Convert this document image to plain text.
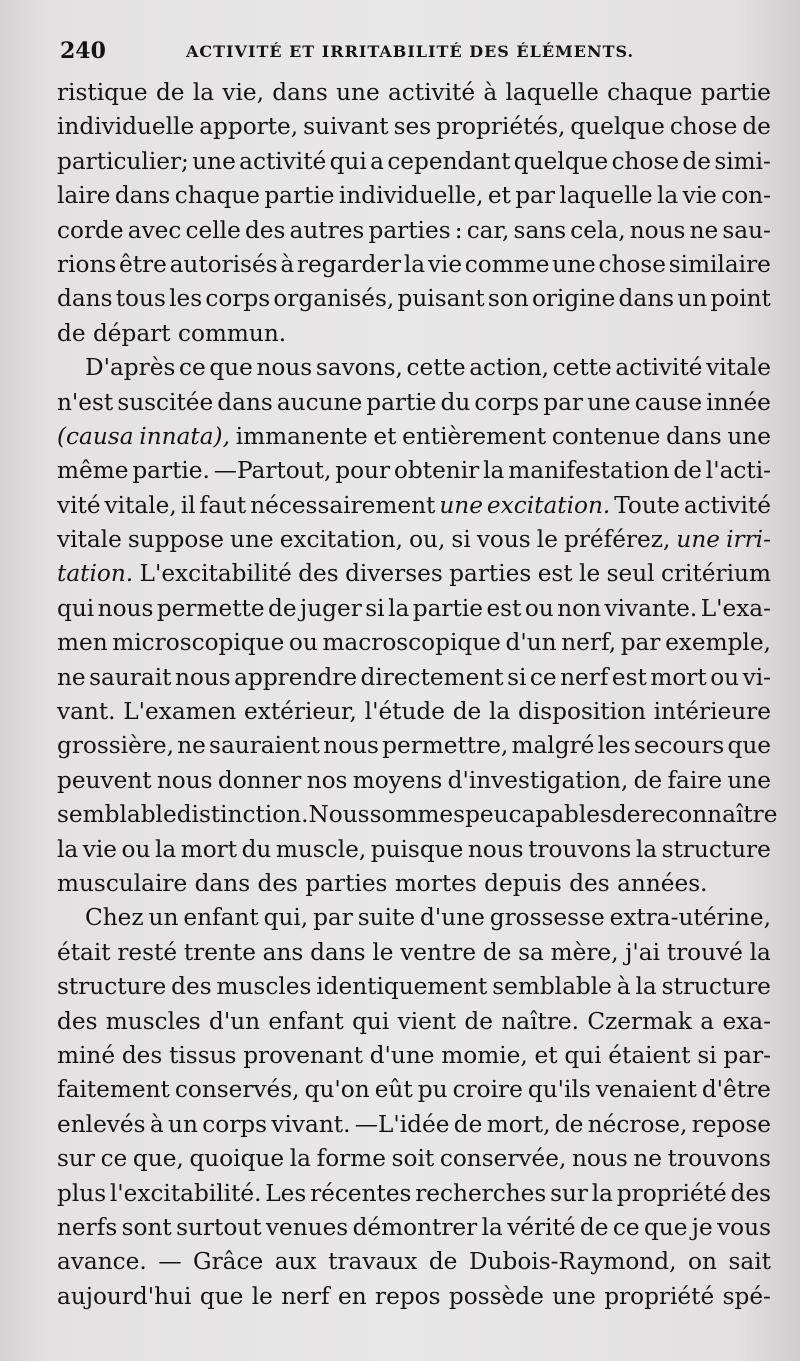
240	ACTIVITÉ ET IRRITABILITÉ DES ÉLÉMENTS.
ristique de la vie, dans une activité à laquelle chaque partie
individuelle apporte, suivant ses propriétés, quelque chose de
particulier; une activité qui a cependant quelque chose de simi-
laire dans chaque partie individuelle, et par laquelle la vie con-
corde avec celle des autres parties : car, sans cela, nous ne sau-
rions être autorisés à regarder la vie comme une chose similaire
dans tous les corps organisés, puisant son origine dans un point
de départ commun.
D'après ce que nous savons, cette action, cette activité vitale
n'est suscitée dans aucune partie du corps par une cause innée
(causa innata), immanente et entièrement contenue dans une
même partie. —Partout, pour obtenir la manifestation de l'acti-
vité vitale, il faut nécessairement une excitation. Toute activité
vitale suppose une excitation, ou, si vous le préférez, une irri-
tation. L'excitabilité des diverses parties est le seul critérium
qui nous permette de juger si la partie est ou non vivante. L'exa-
men microscopique ou macroscopique d'un nerf, par exemple,
ne saurait nous apprendre directement si ce nerf est mort ou vi-
vant. L'examen extérieur, l'étude de la disposition intérieure
grossière, ne sauraient nous permettre, malgré les secours que
peuvent nous donner nos moyens d'investigation, de faire une
semblable distinction. Nous sommes peu capables de reconnaître
la vie ou la mort du muscle, puisque nous trouvons la structure
musculaire dans des parties mortes depuis des années.
Chez un enfant qui, par suite d'une grossesse extra-utérine,
était resté trente ans dans le ventre de sa mère, j'ai trouvé la
structure des muscles identiquement semblable à la structure
des muscles d'un enfant qui vient de naître. Czermak a exa-
miné des tissus provenant d'une momie, et qui étaient si par-
faitement conservés, qu'on eût pu croire qu'ils venaient d'être
enlevés à un corps vivant. —L'idée de mort, de nécrose, repose
sur ce que, quoique la forme soit conservée, nous ne trouvons
plus l'excitabilité. Les récentes recherches sur la propriété des
nerfs sont surtout venues démontrer la vérité de ce que je vous
avance. — Grâce aux travaux de Dubois-Raymond, on sait
aujourd'hui que le nerf en repos possède une propriété spé-
